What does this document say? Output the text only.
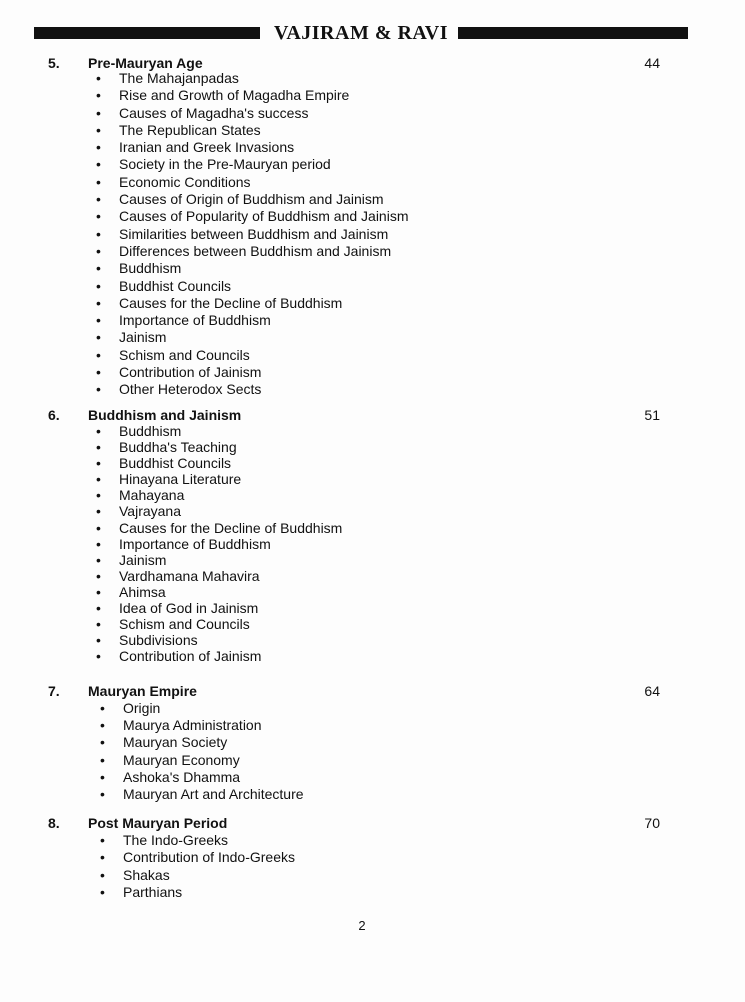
VAJIRAM & RAVI
5. Pre-Mauryan Age	44
• The Mahajanpadas
• Rise and Growth of Magadha Empire
• Causes of Magadha's success
• The Republican States
• Iranian and Greek Invasions
• Society in the Pre-Mauryan period
• Economic Conditions
• Causes of Origin of Buddhism and Jainism
• Causes of Popularity of Buddhism and Jainism
• Similarities between Buddhism and Jainism
• Differences between Buddhism and Jainism
• Buddhism
• Buddhist Councils
• Causes for the Decline of Buddhism
• Importance of Buddhism
• Jainism
• Schism and Councils
• Contribution of Jainism
• Other Heterodox Sects
6. Buddhism and Jainism	51
• Buddhism
• Buddha's Teaching
• Buddhist Councils
• Hinayana Literature
• Mahayana
• Vajrayana
• Causes for the Decline of Buddhism
• Importance of Buddhism
• Jainism
• Vardhamana Mahavira
• Ahimsa
• Idea of God in Jainism
• Schism and Councils
• Subdivisions
• Contribution of Jainism
7. Mauryan Empire	64
• Origin
• Maurya Administration
• Mauryan Society
• Mauryan Economy
• Ashoka's Dhamma
• Mauryan Art and Architecture
8. Post Mauryan Period	70
• The Indo-Greeks
• Contribution of Indo-Greeks
• Shakas
• Parthians
2
